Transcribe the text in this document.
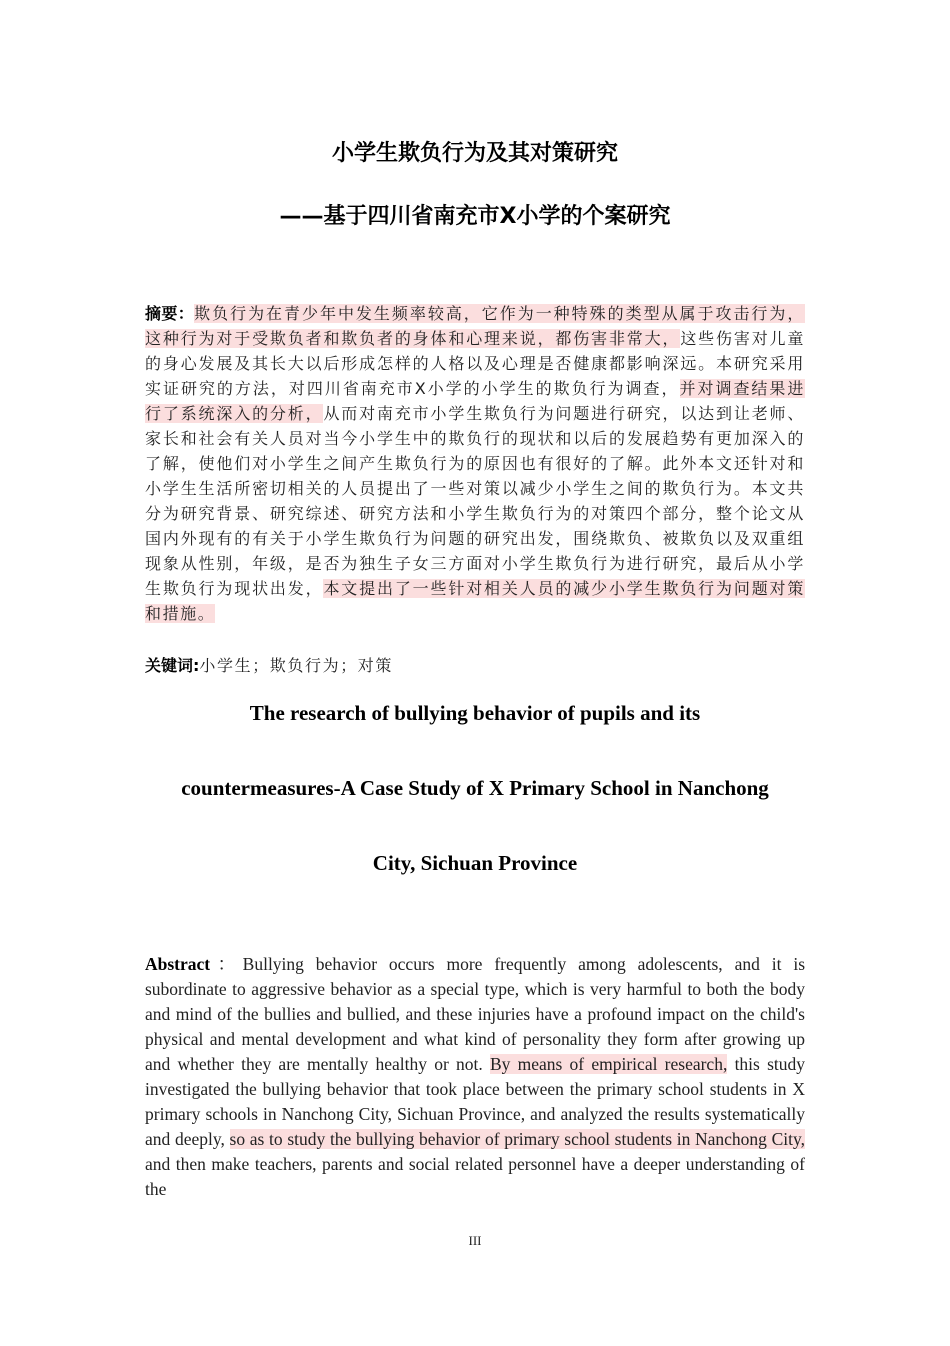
小学生欺负行为及其对策研究
——基于四川省南充市X小学的个案研究

摘要：欺负行为在青少年中发生频率较高，它作为一种特殊的类型从属于攻击行为，这种行为对于受欺负者和欺负者的身体和心理来说，都伤害非常大，这些伤害对儿童的身心发展及其长大以后形成怎样的人格以及心理是否健康都影响深远。本研究采用实证研究的方法，对四川省南充市X小学的小学生的欺负行为调查，并对调查结果进行了系统深入的分析，从而对南充市小学生欺负行为问题进行研究，以达到让老师、家长和社会有关人员对当今小学生中的欺负行的现状和以后的发展趋势有更加深入的了解，使他们对小学生之间产生欺负行为的原因也有很好的了解。此外本文还针对和小学生生活所密切相关的人员提出了一些对策以减少小学生之间的欺负行为。本文共分为研究背景、研究综述、研究方法和小学生欺负行为的对策四个部分，整个论文从国内外现有的有关于小学生欺负行为问题的研究出发，围绕欺负、被欺负以及双重组现象从性别，年级，是否为独生子女三方面对小学生欺负行为进行研究，最后从小学生欺负行为现状出发，本文提出了一些针对相关人员的减少小学生欺负行为问题对策和措施。

关键词:小学生；欺负行为；对策

The research of bullying behavior of pupils and its
countermeasures-A Case Study of X Primary School in Nanchong
City, Sichuan Province

Abstract：Bullying behavior occurs more frequently among adolescents, and it is subordinate to aggressive behavior as a special type, which is very harmful to both the body and mind of the bullies and bullied, and these injuries have a profound impact on the child's physical and mental development and what kind of personality they form after growing up and whether they are mentally healthy or not. By means of empirical research, this study investigated the bullying behavior that took place between the primary school students in X primary schools in Nanchong City, Sichuan Province, and analyzed the results systematically and deeply, so as to study the bullying behavior of primary school students in Nanchong City, and then make teachers, parents and social related personnel have a deeper understanding of the

III
